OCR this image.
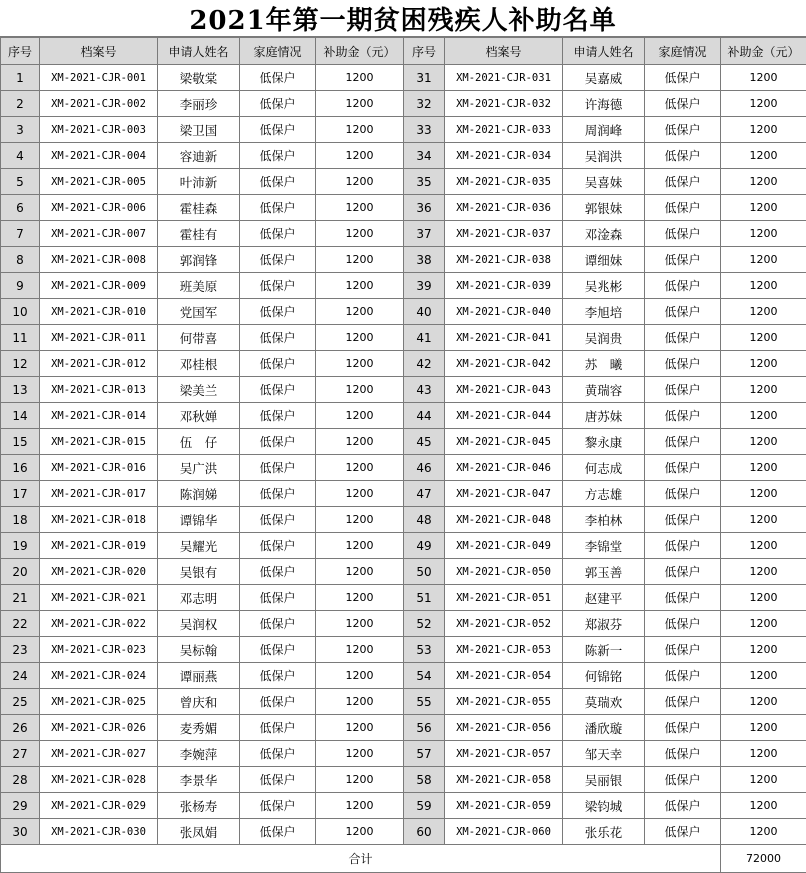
2021年第一期贫困残疾人补助名单
序号	档案号	申请人姓名	家庭情况	补助金（元）	序号	档案号	申请人姓名	家庭情况	补助金（元）
1	XM-2021-CJR-001	梁敬棠	低保户	1200	31	XM-2021-CJR-031	吴嘉威	低保户	1200
2	XM-2021-CJR-002	李丽珍	低保户	1200	32	XM-2021-CJR-032	许海德	低保户	1200
3	XM-2021-CJR-003	梁卫国	低保户	1200	33	XM-2021-CJR-033	周润峰	低保户	1200
4	XM-2021-CJR-004	容迪新	低保户	1200	34	XM-2021-CJR-034	吴润洪	低保户	1200
5	XM-2021-CJR-005	叶沛新	低保户	1200	35	XM-2021-CJR-035	吴喜妹	低保户	1200
6	XM-2021-CJR-006	霍桂森	低保户	1200	36	XM-2021-CJR-036	郭银妹	低保户	1200
7	XM-2021-CJR-007	霍桂有	低保户	1200	37	XM-2021-CJR-037	邓淦森	低保户	1200
8	XM-2021-CJR-008	郭润锋	低保户	1200	38	XM-2021-CJR-038	谭细妹	低保户	1200
9	XM-2021-CJR-009	班美原	低保户	1200	39	XM-2021-CJR-039	吴兆彬	低保户	1200
10	XM-2021-CJR-010	党国军	低保户	1200	40	XM-2021-CJR-040	李旭培	低保户	1200
11	XM-2021-CJR-011	何带喜	低保户	1200	41	XM-2021-CJR-041	吴润贵	低保户	1200
12	XM-2021-CJR-012	邓桂根	低保户	1200	42	XM-2021-CJR-042	苏　曦	低保户	1200
13	XM-2021-CJR-013	梁美兰	低保户	1200	43	XM-2021-CJR-043	黄瑞容	低保户	1200
14	XM-2021-CJR-014	邓秋婵	低保户	1200	44	XM-2021-CJR-044	唐苏妹	低保户	1200
15	XM-2021-CJR-015	伍　仔	低保户	1200	45	XM-2021-CJR-045	黎永康	低保户	1200
16	XM-2021-CJR-016	吴广洪	低保户	1200	46	XM-2021-CJR-046	何志成	低保户	1200
17	XM-2021-CJR-017	陈润娣	低保户	1200	47	XM-2021-CJR-047	方志雄	低保户	1200
18	XM-2021-CJR-018	谭锦华	低保户	1200	48	XM-2021-CJR-048	李柏林	低保户	1200
19	XM-2021-CJR-019	吴耀光	低保户	1200	49	XM-2021-CJR-049	李锦堂	低保户	1200
20	XM-2021-CJR-020	吴银有	低保户	1200	50	XM-2021-CJR-050	郭玉善	低保户	1200
21	XM-2021-CJR-021	邓志明	低保户	1200	51	XM-2021-CJR-051	赵建平	低保户	1200
22	XM-2021-CJR-022	吴润权	低保户	1200	52	XM-2021-CJR-052	郑淑芬	低保户	1200
23	XM-2021-CJR-023	吴标翰	低保户	1200	53	XM-2021-CJR-053	陈新一	低保户	1200
24	XM-2021-CJR-024	谭丽燕	低保户	1200	54	XM-2021-CJR-054	何锦铭	低保户	1200
25	XM-2021-CJR-025	曾庆和	低保户	1200	55	XM-2021-CJR-055	莫瑞欢	低保户	1200
26	XM-2021-CJR-026	麦秀媚	低保户	1200	56	XM-2021-CJR-056	潘欣璇	低保户	1200
27	XM-2021-CJR-027	李婉萍	低保户	1200	57	XM-2021-CJR-057	邹天幸	低保户	1200
28	XM-2021-CJR-028	李景华	低保户	1200	58	XM-2021-CJR-058	吴丽银	低保户	1200
29	XM-2021-CJR-029	张杨寿	低保户	1200	59	XM-2021-CJR-059	梁钧城	低保户	1200
30	XM-2021-CJR-030	张凤娟	低保户	1200	60	XM-2021-CJR-060	张乐花	低保户	1200
合计									72000
